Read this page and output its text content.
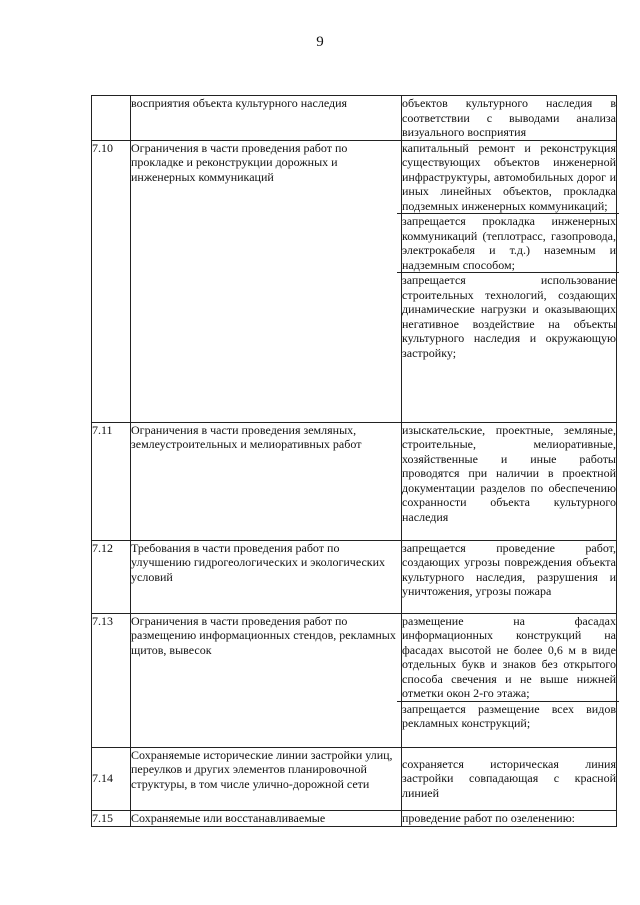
9
	восприятия объекта культурного наследия	объектов культурного наследия в соответствии с выводами анализа визуального восприятия

7.10	Ограничения в части проведения работ по прокладке и реконструкции дорожных и инженерных коммуникаций	капитальный ремонт и реконструкция существующих объектов инженерной инфраструктуры, автомобильных дорог и иных линейных объектов, прокладка подземных инженерных коммуникаций;

запрещается прокладка инженерных коммуникаций (теплотрасс, газопровода, электрокабеля и т.д.) наземным и надземным способом;

запрещается использование строительных технологий, создающих динамические нагрузки и оказывающих негативное воздействие на объекты культурного наследия и окружающую застройку;

7.11	Ограничения в части проведения земляных, землеустроительных и мелиоративных работ	изыскательские, проектные, земляные, строительные, мелиоративные, хозяйственные и иные работы проводятся при наличии в проектной документации разделов по обеспечению сохранности объекта культурного наследия

7.12	Требования в части проведения работ по улучшению гидрогеологических и экологических условий	запрещается проведение работ, создающих угрозы повреждения объекта культурного наследия, разрушения и уничтожения, угрозы пожара

7.13	Ограничения в части проведения работ по размещению информационных стендов, рекламных щитов, вывесок	размещение на фасадах информационных конструкций на фасадах высотой не более 0,6 м в виде отдельных букв и знаков без открытого способа свечения и не выше нижней отметки окон 2-го этажа;

запрещается размещение всех видов рекламных конструкций;

7.14	Сохраняемые исторические линии застройки улиц, переулков и других элементов планировочной структуры, в том числе улично-дорожной сети	сохраняется историческая линия застройки совпадающая с красной линией

7.15	Сохраняемые или восстанавливаемые	проведение работ по озеленению:
